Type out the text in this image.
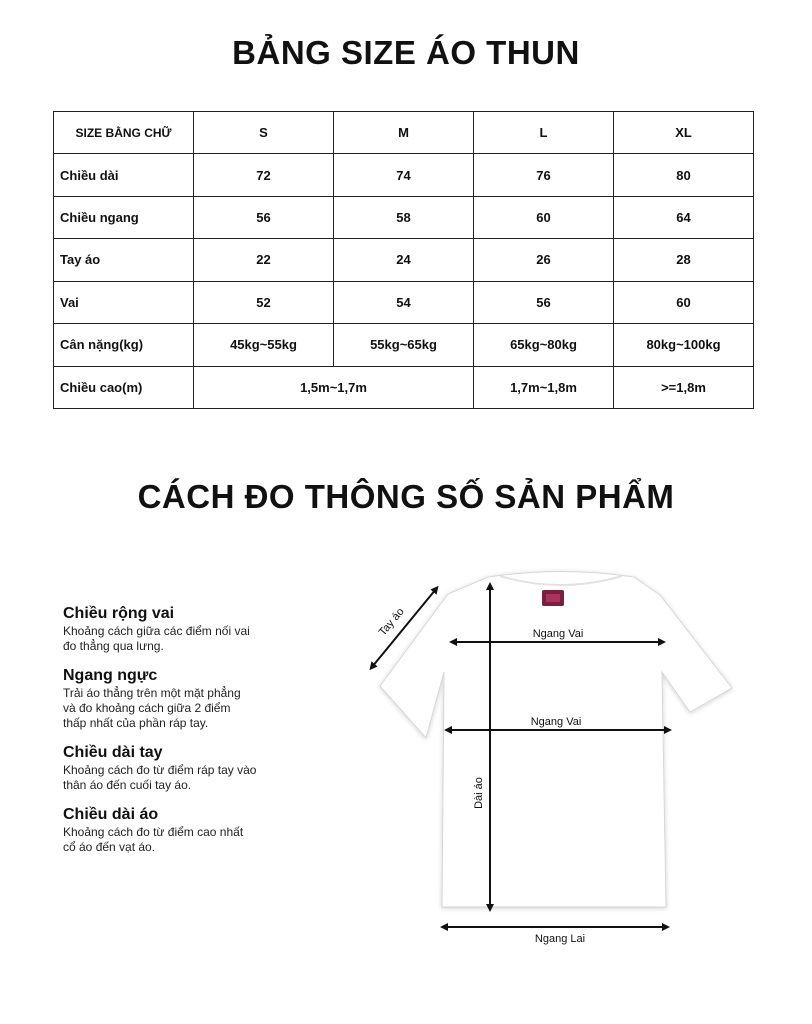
BẢNG SIZE ÁO THUN
SIZE BẰNG CHỮ	S	M	L	XL
Chiều dài	72	74	76	80
Chiều ngang	56	58	60	64
Tay áo	22	24	26	28
Vai	52	54	56	60
Cân nặng(kg)	45kg~55kg	55kg~65kg	65kg~80kg	80kg~100kg
Chiều cao(m)	1,5m~1,7m		1,7m~1,8m	>=1,8m
CÁCH ĐO THÔNG SỐ SẢN PHẨM
Chiều rộng vai
Khoảng cách giữa các điểm nối vai
đo thẳng qua lưng.
Ngang ngực
Trải áo thẳng trên một mặt phẳng
và đo khoảng cách giữa 2 điểm
thấp nhất của phần ráp tay.
Chiều dài tay
Khoảng cách đo từ điểm ráp tay vào
thân áo đến cuối tay áo.
Chiều dài áo
Khoảng cách đo từ điểm cao nhất
cổ áo đến vạt áo.
Ngang Vai
Ngang Vai
Dài áo
Tay áo
Ngang Lai
